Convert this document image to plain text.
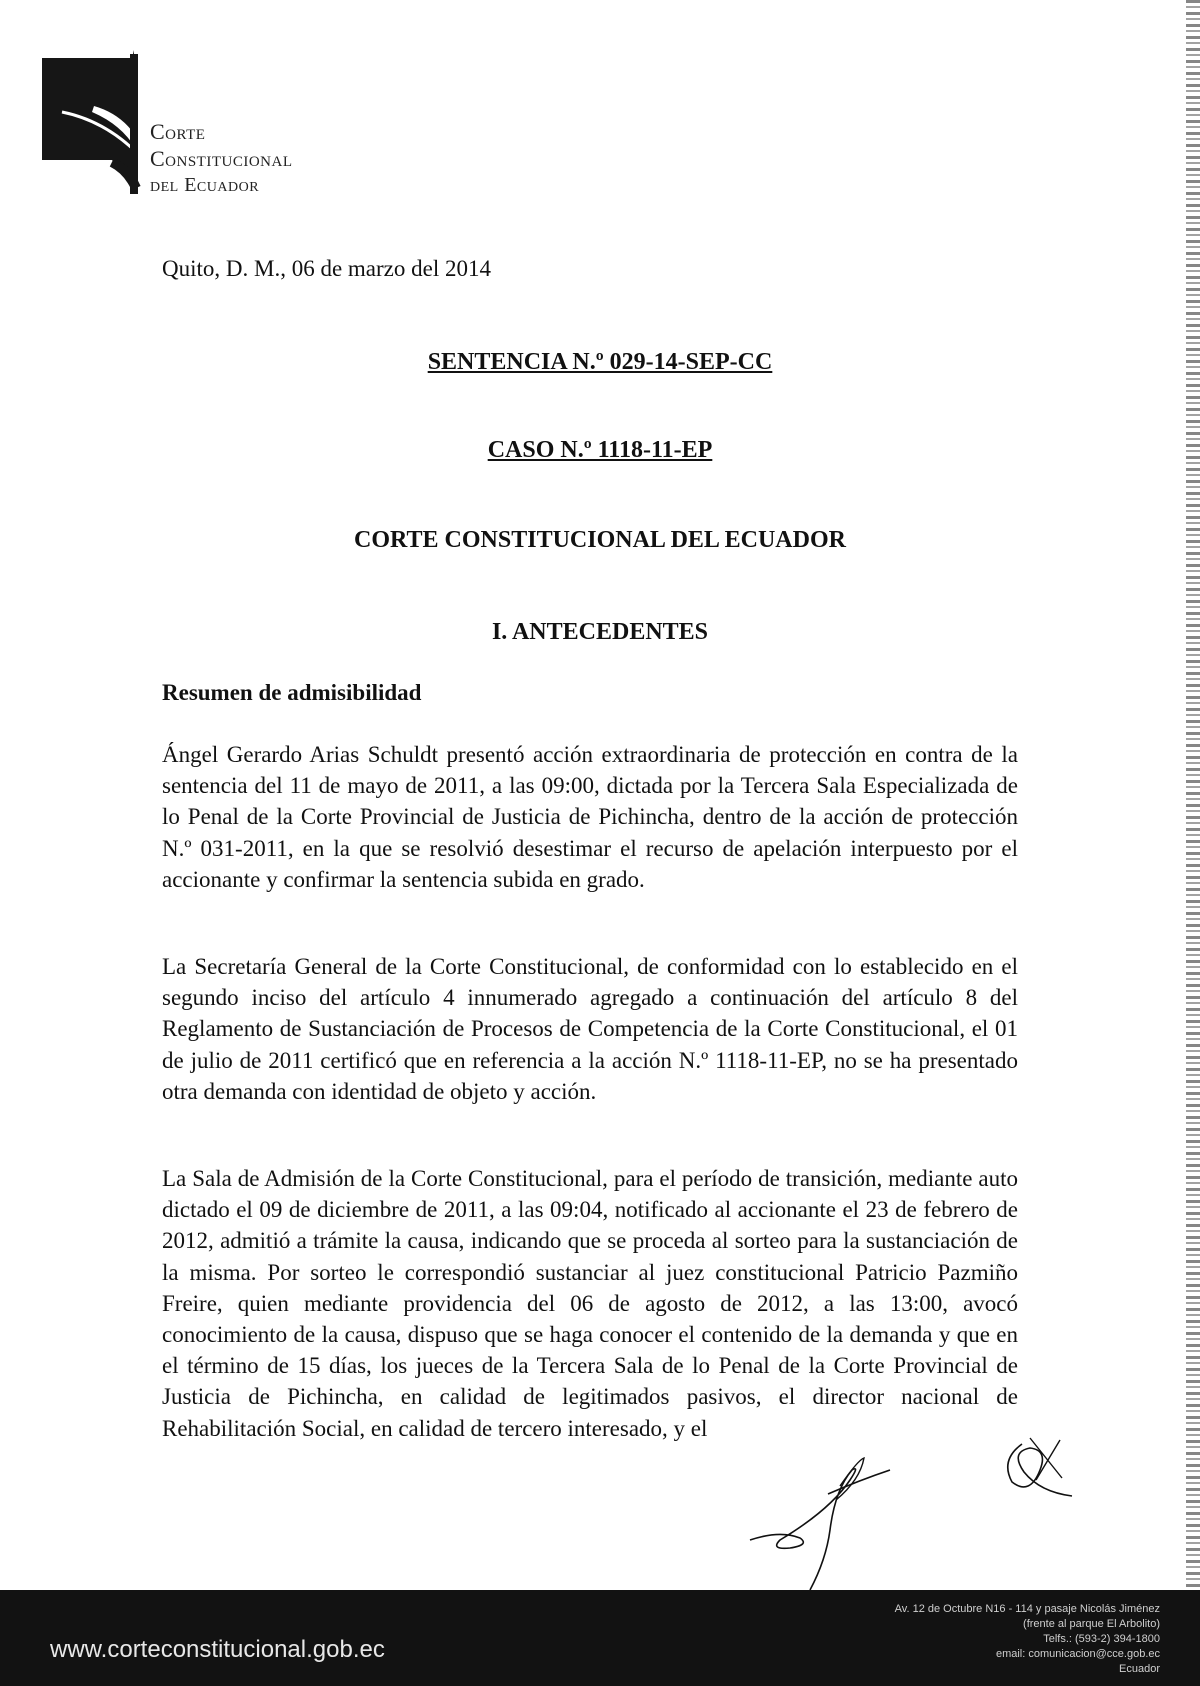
Corte
Constitucional
del Ecuador
Quito, D. M., 06 de marzo del 2014
SENTENCIA N.º 029-14-SEP-CC
CASO N.º 1118-11-EP
CORTE CONSTITUCIONAL DEL ECUADOR
I. ANTECEDENTES
Resumen de admisibilidad

Ángel Gerardo Arias Schuldt presentó acción extraordinaria de protección en contra de la sentencia del 11 de mayo de 2011, a las 09:00, dictada por la Tercera Sala Especializada de lo Penal de la Corte Provincial de Justicia de Pichincha, dentro de la acción de protección N.º 031-2011, en la que se resolvió desestimar el recurso de apelación interpuesto por el accionante y confirmar la sentencia subida en grado.

La Secretaría General de la Corte Constitucional, de conformidad con lo establecido en el segundo inciso del artículo 4 innumerado agregado a continuación del artículo 8 del Reglamento de Sustanciación de Procesos de Competencia de la Corte Constitucional, el 01 de julio de 2011 certificó que en referencia a la acción N.º 1118-11-EP, no se ha presentado otra demanda con identidad de objeto y acción.

La Sala de Admisión de la Corte Constitucional, para el período de transición, mediante auto dictado el 09 de diciembre de 2011, a las 09:04, notificado al accionante el 23 de febrero de 2012, admitió a trámite la causa, indicando que se proceda al sorteo para la sustanciación de la misma. Por sorteo le correspondió sustanciar al juez constitucional Patricio Pazmiño Freire, quien mediante providencia del 06 de agosto de 2012, a las 13:00, avocó conocimiento de la causa, dispuso que se haga conocer el contenido de la demanda y que en el término de 15 días, los jueces de la Tercera Sala de lo Penal de la Corte Provincial de Justicia de Pichincha, en calidad de legitimados pasivos, el director nacional de Rehabilitación Social, en calidad de tercero interesado, y el

www.corteconstitucional.gob.ec
Av. 12 de Octubre N16 - 114 y pasaje Nicolás Jiménez
(frente al parque El Arbolito)
Telfs.: (593-2) 394-1800
email: comunicacion@cce.gob.ec
Ecuador
